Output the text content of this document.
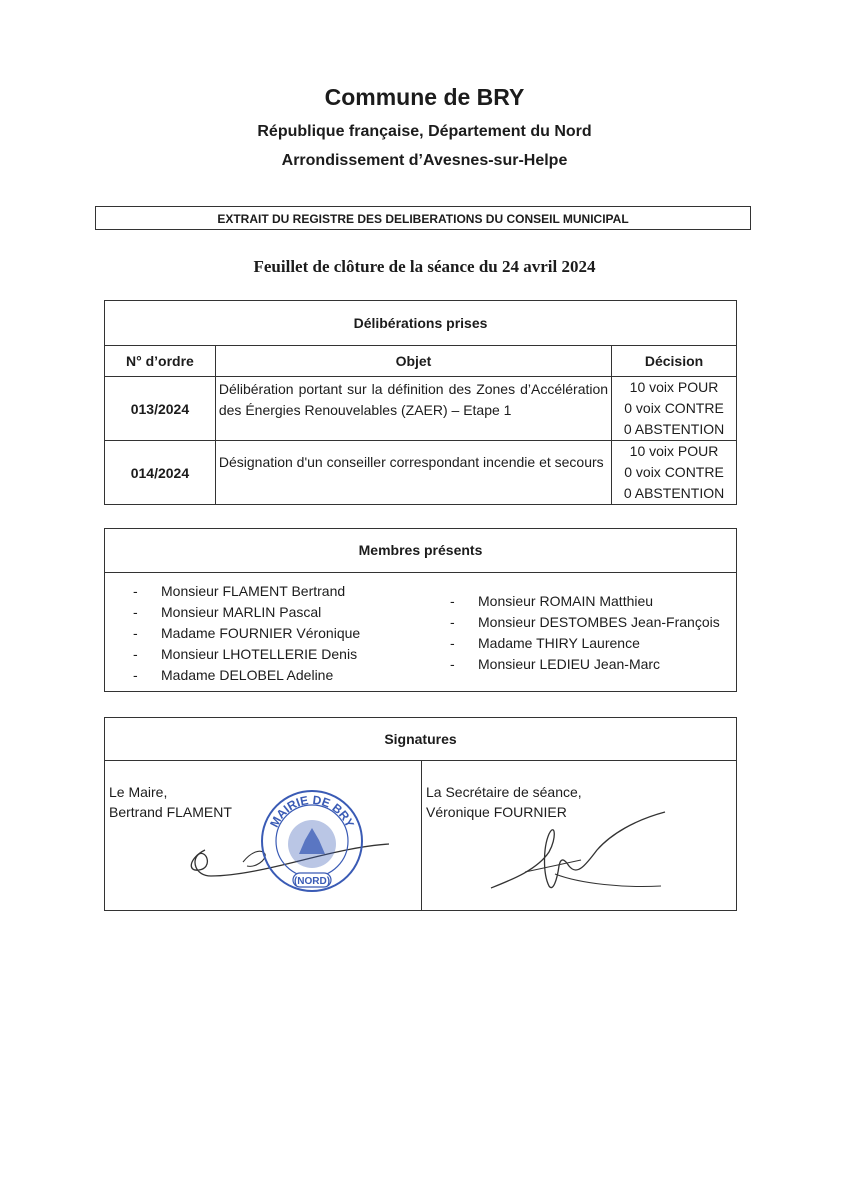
Commune de BRY
République française, Département du Nord
Arrondissement d’Avesnes-sur-Helpe
EXTRAIT DU REGISTRE DES DELIBERATIONS DU CONSEIL MUNICIPAL
Feuillet de clôture de la séance du 24 avril 2024
Délibérations prises		
N° d’ordre	Objet	Décision
013/2024	Délibération portant sur la définition des Zones d’Accélération des Énergies Renouvelables (ZAER) – Etape 1	10 voix POUR
0 voix CONTRE
0 ABSTENTION

014/2024	Désignation d'un conseiller correspondant incendie et secours	10 voix POUR
0 voix CONTRE
0 ABSTENTION
Membres présents
- Monsieur FLAMENT Bertrand
- Monsieur MARLIN Pascal
- Madame FOURNIER Véronique
- Monsieur LHOTELLERIE Denis
- Madame DELOBEL Adeline
- Monsieur ROMAIN Matthieu
- Monsieur DESTOMBES Jean-François
- Madame THIRY Laurence
- Monsieur LEDIEU Jean-Marc
Signatures
Le Maire,
Bertrand FLAMENT
MAIRIE DE BRY
(NORD)
La Secrétaire de séance,
Véronique FOURNIER
